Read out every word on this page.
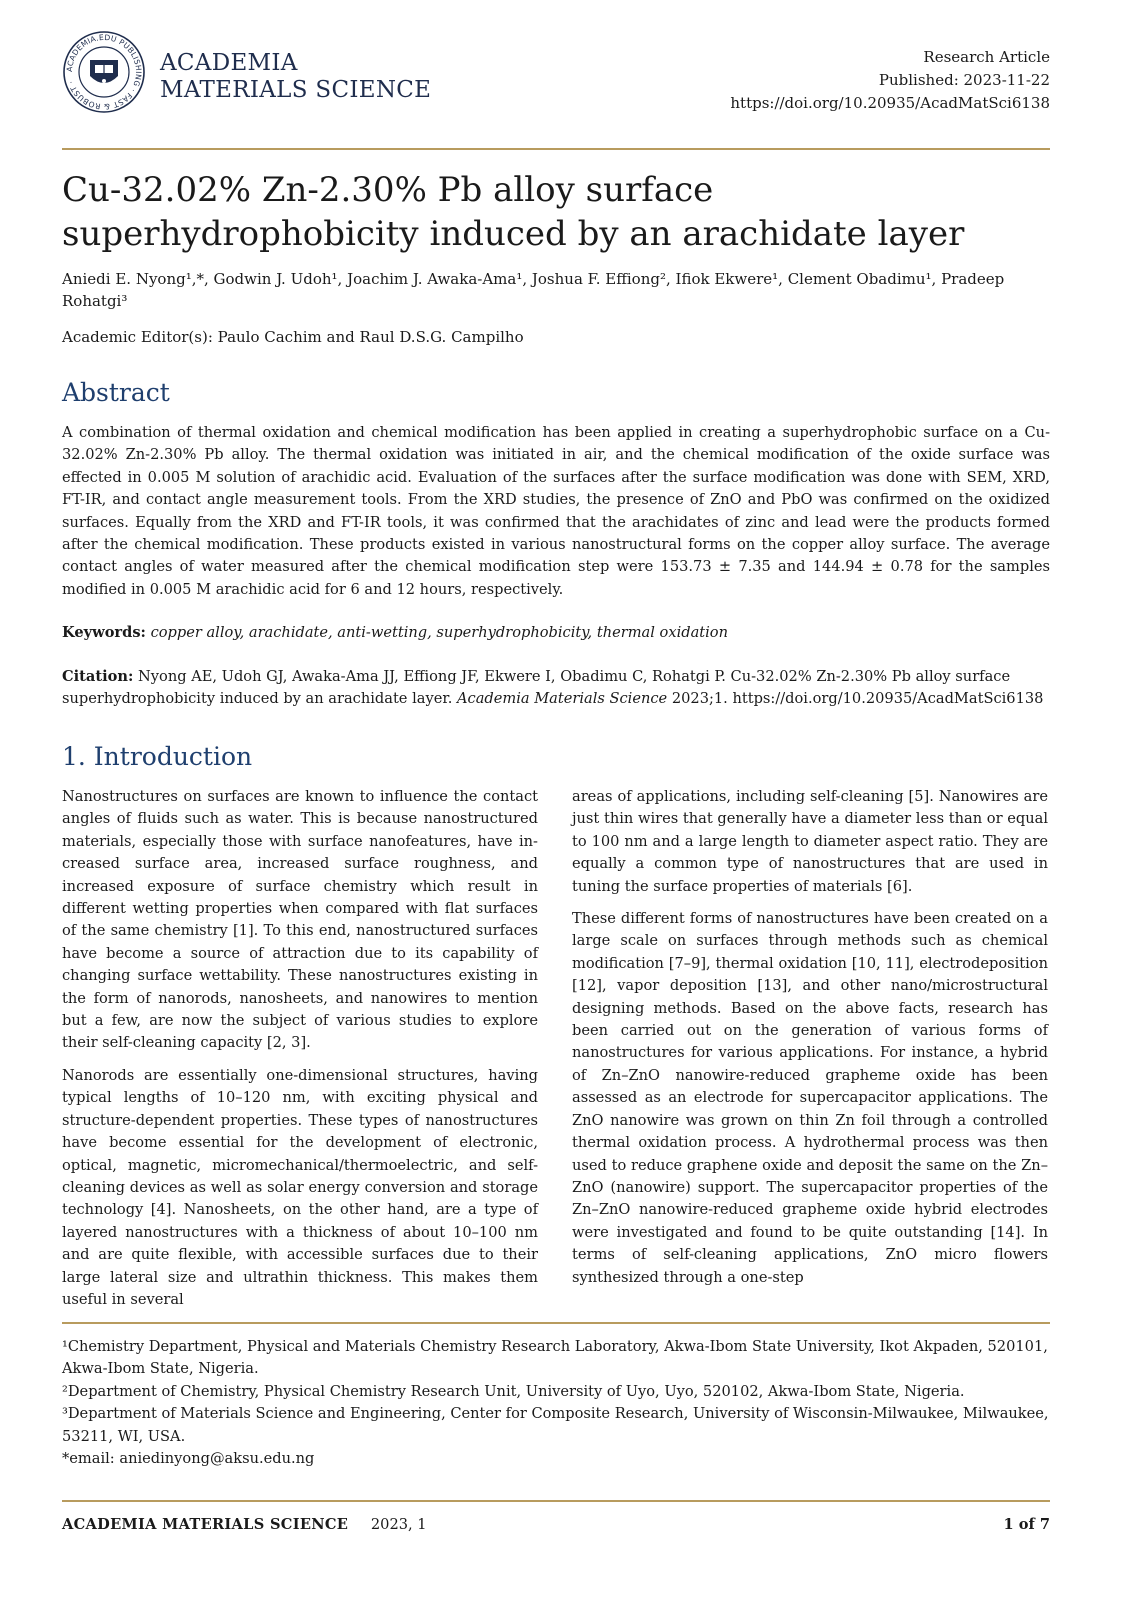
ACADEMIA.EDU PUBLISHING · FAST & ROBUST ·
ACADEMIA
MATERIALS SCIENCE
Research Article
Published: 2023-11-22
https://doi.org/10.20935/AcadMatSci6138
Cu-32.02% Zn-2.30% Pb alloy surface superhydrophobicity induced by an arachidate layer

Aniedi E. Nyong¹,*, Godwin J. Udoh¹, Joachim J. Awaka-Ama¹, Joshua F. Effiong², Ifiok Ekwere¹, Clement Obadimu¹, Pradeep Rohatgi³

Academic Editor(s): Paulo Cachim and Raul D.S.G. Campilho

Abstract

A combination of thermal oxidation and chemical modification has been applied in creating a superhydrophobic surface on a Cu-32.02% Zn-2.30% Pb alloy. The thermal oxidation was initiated in air, and the chemical modification of the oxide surface was effected in 0.005 M solution of arachidic acid. Evaluation of the surfaces after the surface modification was done with SEM, XRD, FT-IR, and contact angle measurement tools. From the XRD studies, the presence of ZnO and PbO was confirmed on the oxidized surfaces. Equally from the XRD and FT-IR tools, it was confirmed that the arachidates of zinc and lead were the products formed after the chemical modification. These products existed in various nanostructural forms on the copper alloy surface. The average contact angles of water measured after the chemical modification step were 153.73 ± 7.35 and 144.94 ± 0.78 for the samples modified in 0.005 M arachidic acid for 6 and 12 hours, respectively.

Keywords: copper alloy, arachidate, anti-wetting, superhydrophobicity, thermal oxidation

Citation: Nyong AE, Udoh GJ, Awaka-Ama JJ, Effiong JF, Ekwere I, Obadimu C, Rohatgi P. Cu-32.02% Zn-2.30% Pb alloy surface superhydrophobicity induced by an arachidate layer. Academia Materials Science 2023;1. https://doi.org/10.20935/AcadMatSci6138

1. Introduction

Nanostructures on surfaces are known to influence the contact angles of fluids such as water. This is because nanostructured materials, especially those with surface nanofeatures, have in-creased surface area, increased surface roughness, and increased exposure of surface chemistry which result in different wetting properties when compared with flat surfaces of the same chemistry [1]. To this end, nanostructured surfaces have become a source of attraction due to its capability of changing surface wettability. These nanostructures existing in the form of nanorods, nanosheets, and nanowires to mention but a few, are now the subject of various studies to explore their self-cleaning capacity [2, 3].

Nanorods are essentially one-dimensional structures, having typical lengths of 10–120 nm, with exciting physical and structure-dependent properties. These types of nanostructures have become essential for the development of electronic, optical, magnetic, micromechanical/thermoelectric, and self-cleaning devices as well as solar energy conversion and storage technology [4]. Nanosheets, on the other hand, are a type of layered nanostructures with a thickness of about 10–100 nm and are quite flexible, with accessible surfaces due to their large lateral size and ultrathin thickness. This makes them useful in several

areas of applications, including self-cleaning [5]. Nanowires are just thin wires that generally have a diameter less than or equal to 100 nm and a large length to diameter aspect ratio. They are equally a common type of nanostructures that are used in tuning the surface properties of materials [6].

These different forms of nanostructures have been created on a large scale on surfaces through methods such as chemical modification [7–9], thermal oxidation [10, 11], electrodeposition [12], vapor deposition [13], and other nano/microstructural designing methods. Based on the above facts, research has been carried out on the generation of various forms of nanostructures for various applications. For instance, a hybrid of Zn–ZnO nanowire-reduced grapheme oxide has been assessed as an electrode for supercapacitor applications. The ZnO nanowire was grown on thin Zn foil through a controlled thermal oxidation process. A hydrothermal process was then used to reduce graphene oxide and deposit the same on the Zn–ZnO (nanowire) support. The supercapacitor properties of the Zn–ZnO nanowire-reduced grapheme oxide hybrid electrodes were investigated and found to be quite outstanding [14]. In terms of self-cleaning applications, ZnO micro flowers synthesized through a one-step

¹Chemistry Department, Physical and Materials Chemistry Research Laboratory, Akwa-Ibom State University, Ikot Akpaden, 520101, Akwa-Ibom State, Nigeria.
²Department of Chemistry, Physical Chemistry Research Unit, University of Uyo, Uyo, 520102, Akwa-Ibom State, Nigeria.
³Department of Materials Science and Engineering, Center for Composite Research, University of Wisconsin-Milwaukee, Milwaukee, 53211, WI, USA.
*email: aniedinyong@aksu.edu.ng
ACADEMIA MATERIALS SCIENCE 2023, 1	1 of 7
